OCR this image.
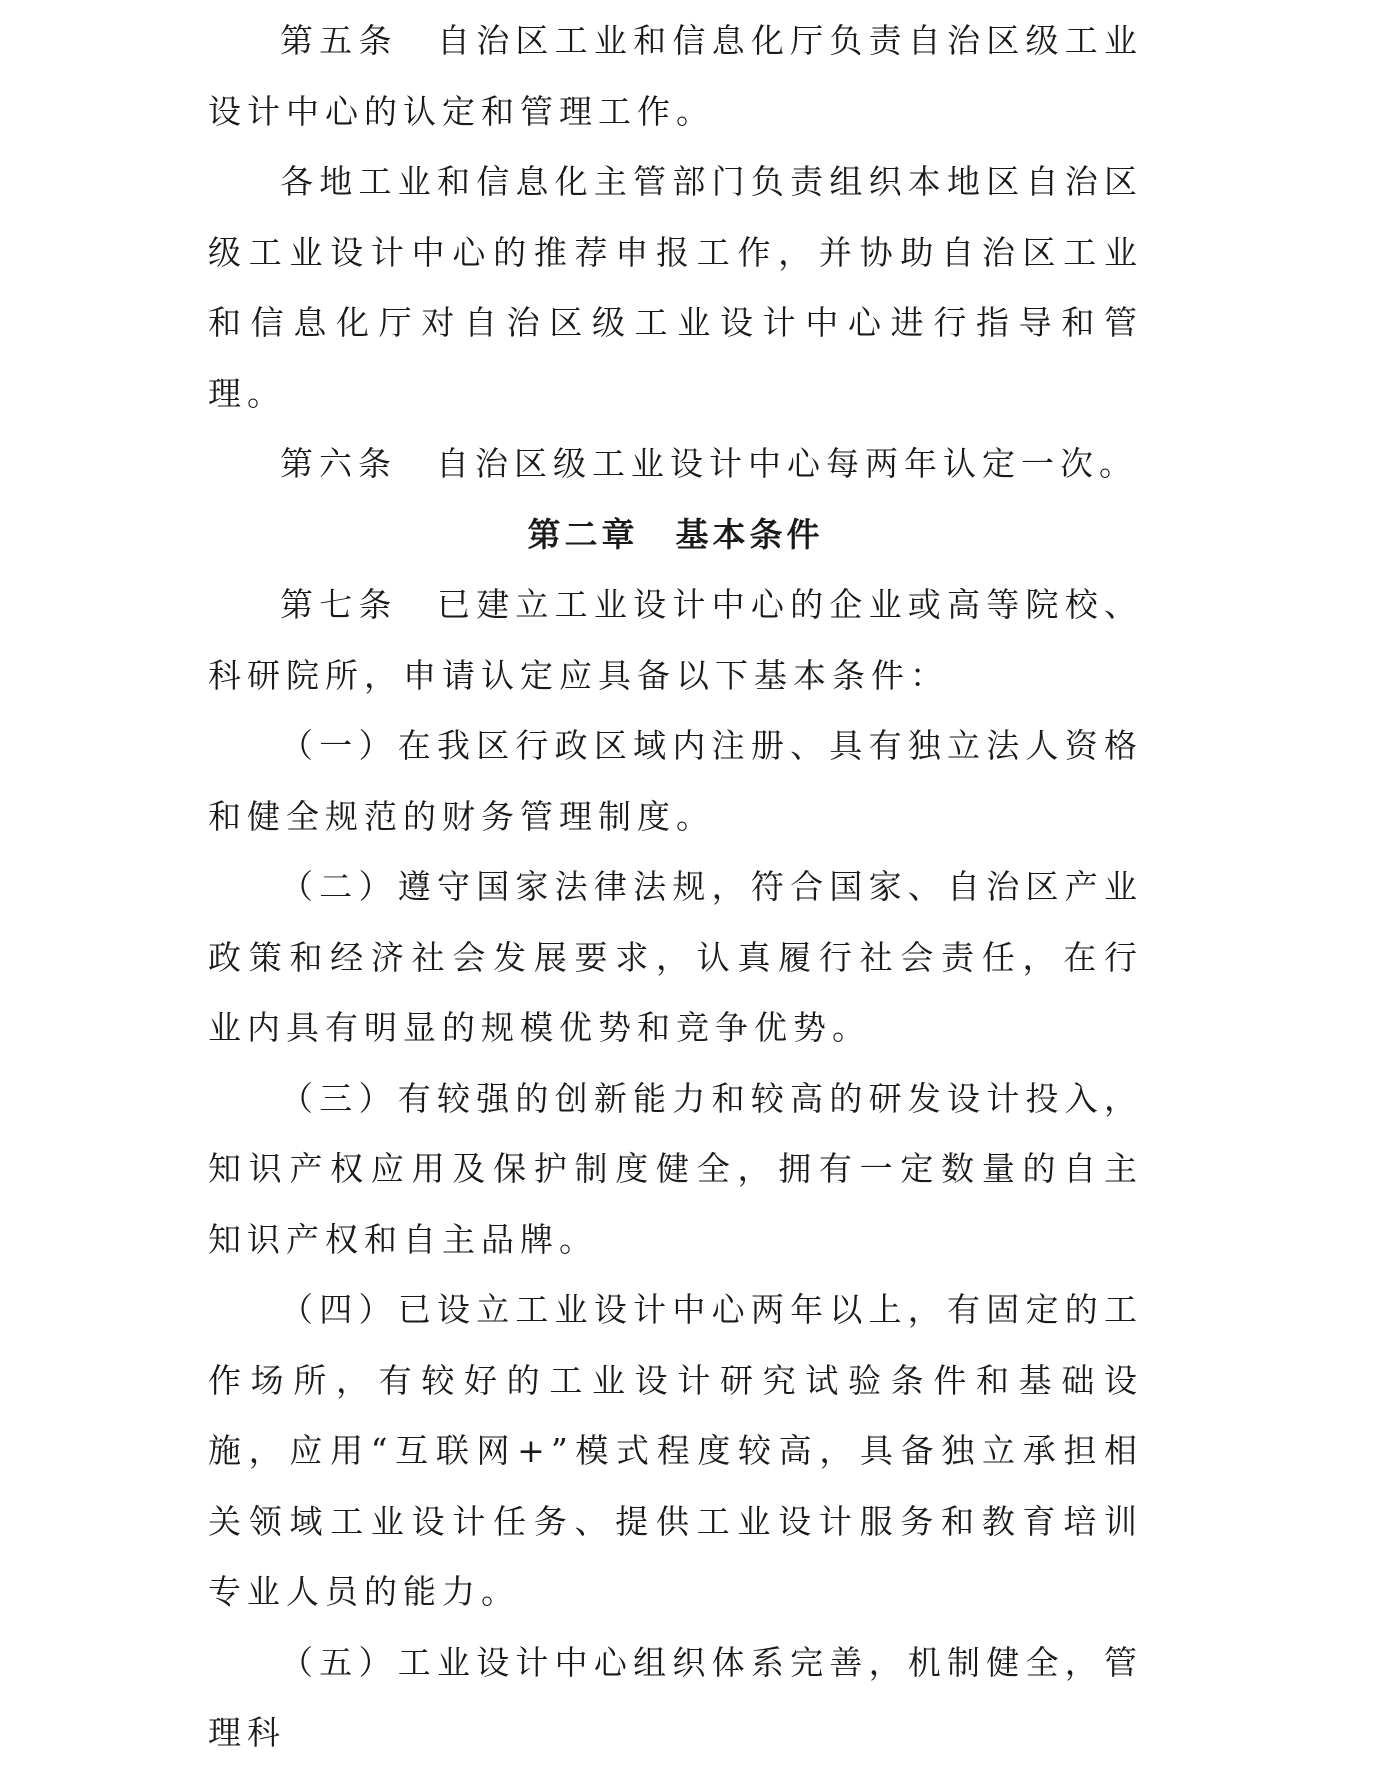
第五条　自治区工业和信息化厅负责自治区级工业设计中心的认定和管理工作。

各地工业和信息化主管部门负责组织本地区自治区级工业设计中心的推荐申报工作，并协助自治区工业和信息化厅对自治区级工业设计中心进行指导和管理。

第六条　自治区级工业设计中心每两年认定一次。

第二章　基本条件

第七条　已建立工业设计中心的企业或高等院校、科研院所，申请认定应具备以下基本条件：

（一）在我区行政区域内注册、具有独立法人资格和健全规范的财务管理制度。

（二）遵守国家法律法规，符合国家、自治区产业政策和经济社会发展要求，认真履行社会责任，在行业内具有明显的规模优势和竞争优势。

（三）有较强的创新能力和较高的研发设计投入，知识产权应用及保护制度健全，拥有一定数量的自主知识产权和自主品牌。

（四）已设立工业设计中心两年以上，有固定的工作场所，有较好的工业设计研究试验条件和基础设施，应用“互联网+”模式程度较高，具备独立承担相关领域工业设计任务、提供工业设计服务和教育培训专业人员的能力。

（五）工业设计中心组织体系完善，机制健全，管理科
